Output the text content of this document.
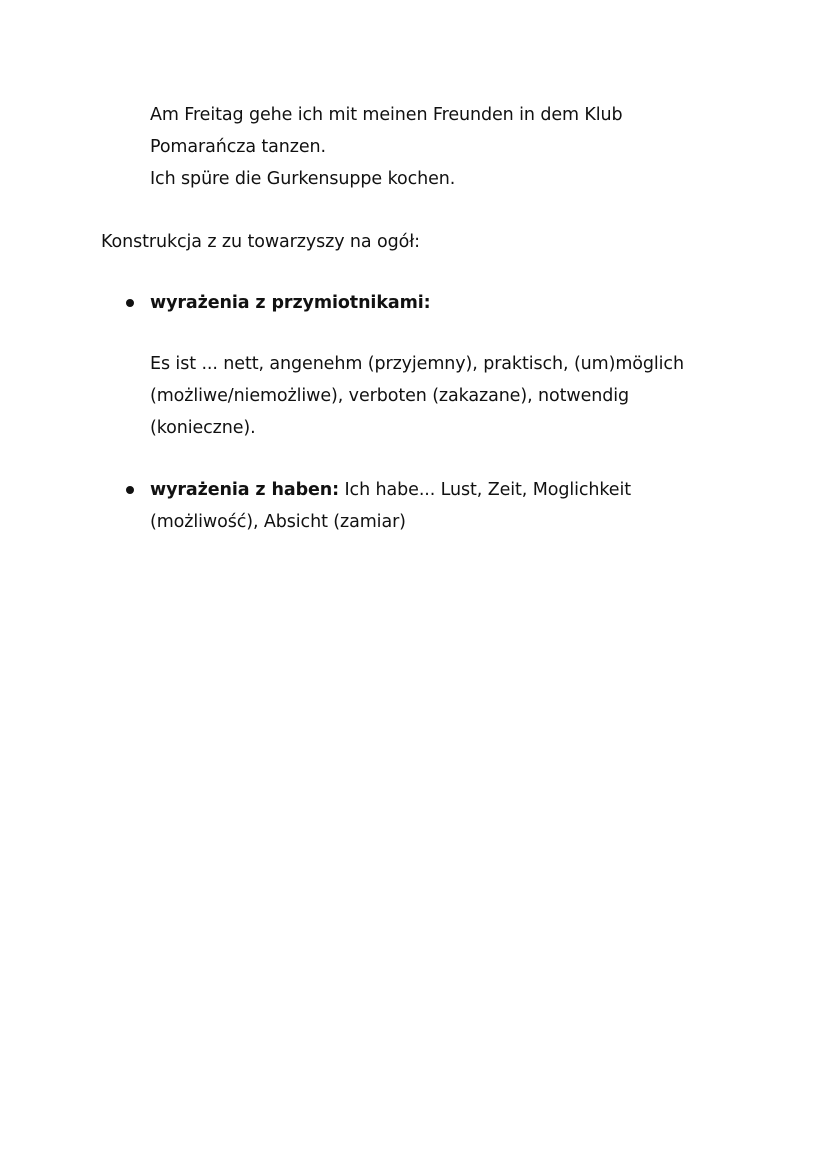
Am Freitag gehe ich mit meinen Freunden in dem Klub
Pomarańcza tanzen.
Ich spüre die Gurkensuppe kochen.
Konstrukcja z zu towarzyszy na ogół:
wyrażenia z przymiotnikami:
Es ist ... nett, angenehm (przyjemny), praktisch, (um)möglich
(możliwe/niemożliwe), verboten (zakazane), notwendig
(konieczne).
wyrażenia z haben: Ich habe... Lust, Zeit, Moglichkeit
(możliwość), Absicht (zamiar)
